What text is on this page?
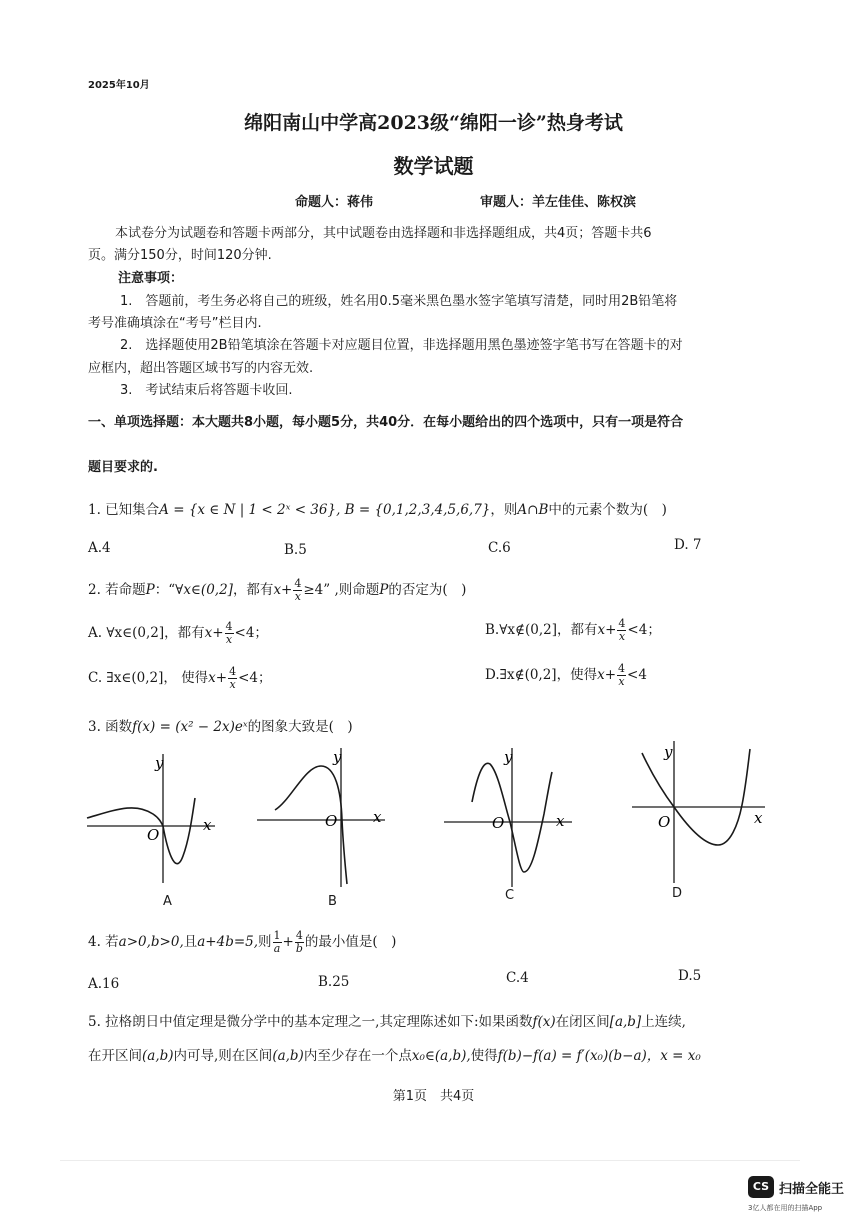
2025年10月
绵阳南山中学高2023级“绵阳一诊”热身考试
数学试题
命题人：蒋伟	审题人：羊左佳佳、陈权滨
本试卷分为试题卷和答题卡两部分，其中试题卷由选择题和非选择题组成，共4页；答题卡共6
页。满分150分，时间120分钟.
注意事项：
1.　答题前，考生务必将自己的班级，姓名用0.5毫米黑色墨水签字笔填写清楚，同时用2B铅笔将
考号准确填涂在“考号”栏目内.
2.　选择题使用2B铅笔填涂在答题卡对应题目位置，非选择题用黑色墨迹签字笔书写在答题卡的对
应框内，超出答题区域书写的内容无效.
3.　考试结束后将答题卡收回.
一、单项选择题：本大题共8小题，每小题5分，共40分．在每小题给出的四个选项中，只有一项是符合
题目要求的.
1. 已知集合A = {x ∈ N | 1 < 2ˣ < 36}, B = {0,1,2,3,4,5,6,7}，则A∩B中的元素个数为(　)
A.4	B.5	C.6	D. 7
2. 若命题P：“∀x∈(0,2]，都有$x+ \frac{4}{x} \ge 4$” ,则命题P的否定为(　)
A. ∀x∈(0,2]，都有$x+ \frac{4}{x} <4$；	B.∀x∉(0,2]，都有$x+ \frac{4}{x} <4$；
C. ∃x∈(0,2]， 使得$x+ \frac{4}{x} <4$；	D.∃x∉(0,2]，使得$x+ \frac{4}{x} <4$
3. 函数f(x) = (x² − 2x)eˣ的图象大致是(　)
y
x
O
A
y
x
O
B
y
x
O
C
y
x
O
D
4. 若a>0,b>0,且a+4b=5,则 $\frac{1}{a} + \frac{4}{b}$ 的最小值是(　)
A.16	B.25	C.4	D.5
5. 拉格朗日中值定理是微分学中的基本定理之一,其定理陈述如下:如果函数f(x)在闭区间[a,b]上连续,
在开区间(a,b)内可导,则在区间(a,b)内至少存在一个点x₀∈(a,b),使得f(b)−f(a) = f′(x₀)(b−a)，x = x₀
第1页　共4页
CS 扫描全能王
3亿人都在用的扫描App
